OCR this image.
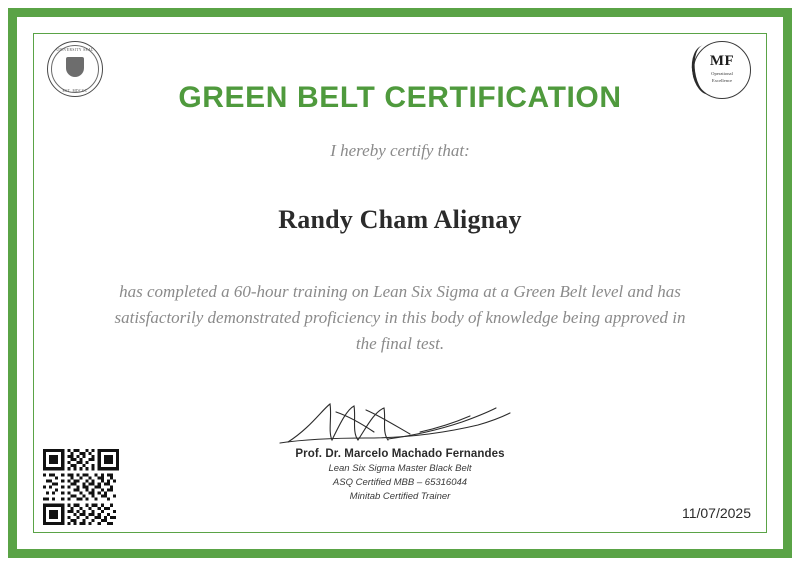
UNIVERSITY SEAL
EST. MDCCC
MF
Operational
Excellence
GREEN BELT CERTIFICATION
I hereby certify that:
Randy Cham Alignay
has completed a 60-hour training on Lean Six Sigma at a Green Belt level and has satisfactorily demonstrated proficiency in this body of knowledge being approved in the final test.
Prof. Dr. Marcelo Machado Fernandes
Lean Six Sigma Master Black Belt
ASQ Certified MBB – 65316044
Minitab Certified Trainer
11/07/2025
